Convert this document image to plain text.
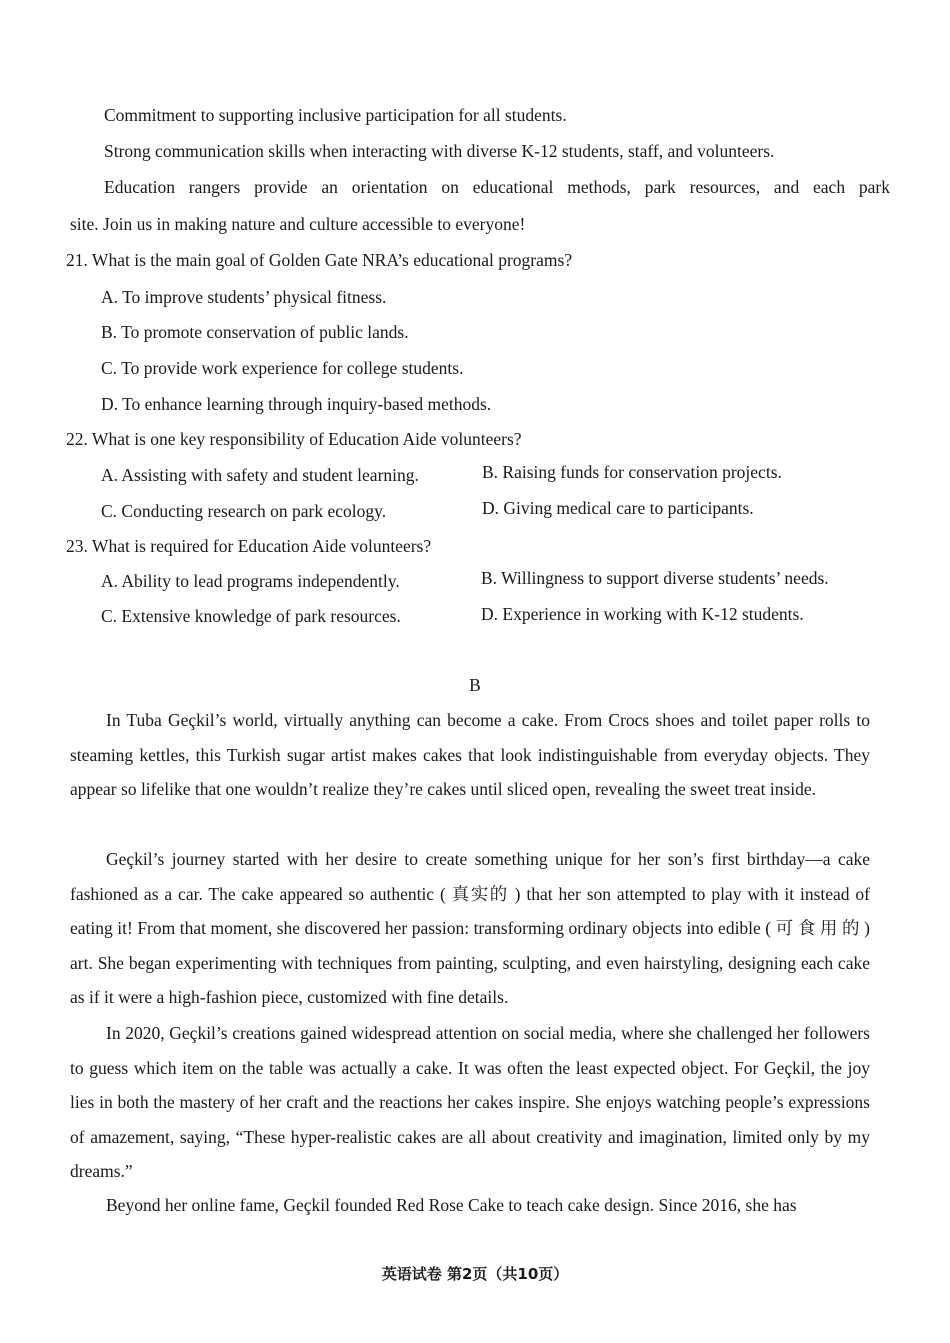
Commitment to supporting inclusive participation for all students.
Strong communication skills when interacting with diverse K-12 students, staff, and volunteers.
Education rangers provide an orientation on educational methods, park resources, and each park
site. Join us in making nature and culture accessible to everyone!
21. What is the main goal of Golden Gate NRA’s educational programs?
A. To improve students’ physical fitness.
B. To promote conservation of public lands.
C. To provide work experience for college students.
D. To enhance learning through inquiry-based methods.
22. What is one key responsibility of Education Aide volunteers?
A. Assisting with safety and student learning.	B. Raising funds for conservation projects.
C. Conducting research on park ecology.	D. Giving medical care to participants.
23. What is required for Education Aide volunteers?
A. Ability to lead programs independently.	B. Willingness to support diverse students’ needs.
C. Extensive knowledge of park resources.	D. Experience in working with K-12 students.
B
In Tuba Geçkil’s world, virtually anything can become a cake. From Crocs shoes and toilet paper rolls to steaming kettles, this Turkish sugar artist makes cakes that look indistinguishable from everyday objects. They appear so lifelike that one wouldn’t realize they’re cakes until sliced open, revealing the sweet treat inside.
Geçkil’s journey started with her desire to create something unique for her son’s first birthday—a cake fashioned as a car. The cake appeared so authentic ( 真实的 ) that her son attempted to play with it instead of eating it! From that moment, she discovered her passion: transforming ordinary objects into edible ( 可 食 用 的 ) art. She began experimenting with techniques from painting, sculpting, and even hairstyling, designing each cake as if it were a high-fashion piece, customized with fine details.
In 2020, Geçkil’s creations gained widespread attention on social media, where she challenged her followers to guess which item on the table was actually a cake. It was often the least expected object. For Geçkil, the joy lies in both the mastery of her craft and the reactions her cakes inspire. She enjoys watching people’s expressions of amazement, saying, “These hyper-realistic cakes are all about creativity and imagination, limited only by my dreams.”
Beyond her online fame, Geçkil founded Red Rose Cake to teach cake design. Since 2016, she has
英语试卷 第2页（共10页）
